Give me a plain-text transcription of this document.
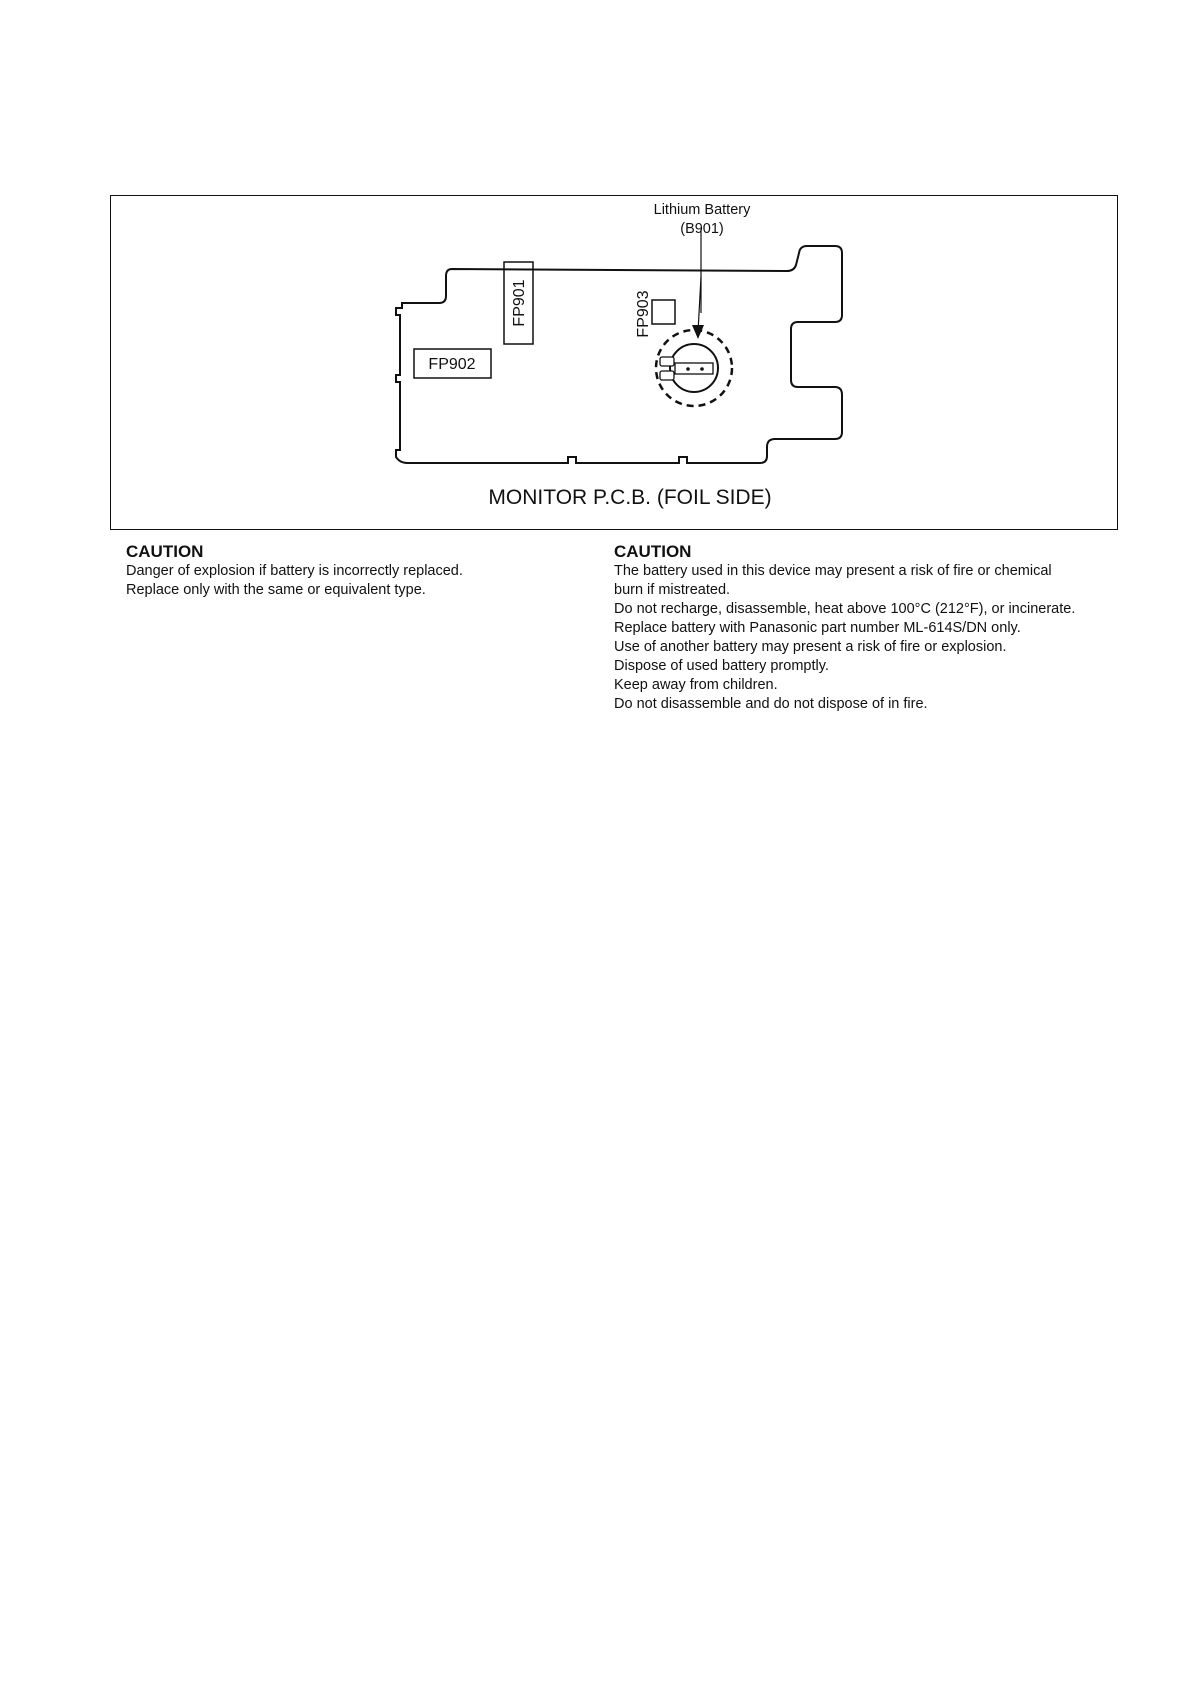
FP901
FP902
FP903
Lithium Battery
(B901)
MONITOR P.C.B. (FOIL SIDE)
CAUTION

Danger of explosion if battery is incorrectly replaced.

Replace only with the same or equivalent type.

CAUTION

The battery used in this device may present a risk of fire or chemical

burn if mistreated.

Do not recharge, disassemble, heat above 100°C (212°F), or incinerate.

Replace battery with Panasonic part number ML-614S/DN only.

Use of another battery may present a risk of fire or explosion.

Dispose of used battery promptly.

Keep away from children.

Do not disassemble and do not dispose of in fire.
